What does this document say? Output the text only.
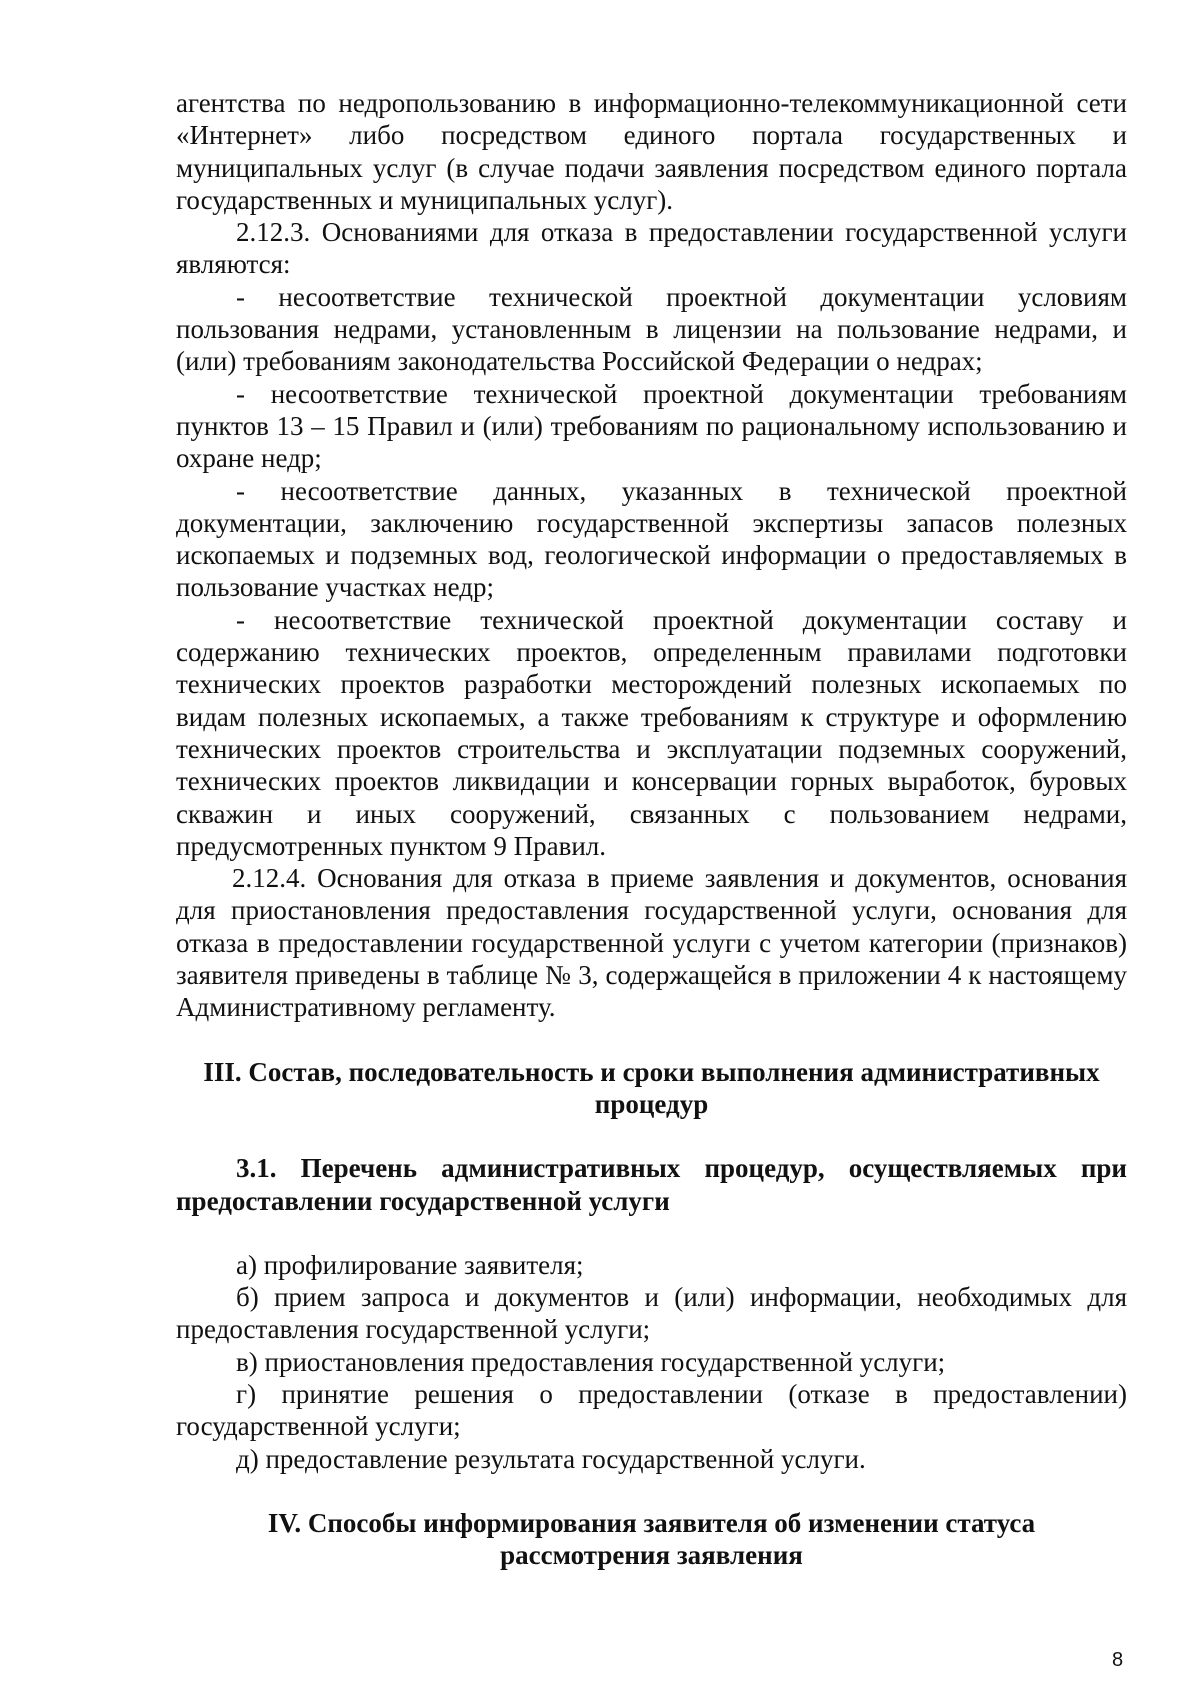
агентства по недропользованию в информационно-телекоммуникационной сети «Интернет» либо посредством единого портала государственных и муниципальных услуг (в случае подачи заявления посредством единого портала государственных и муниципальных услуг).

2.12.3. Основаниями для отказа в предоставлении государственной услуги являются:

- несоответствие технической проектной документации условиям пользования недрами, установленным в лицензии на пользование недрами, и (или) требованиям законодательства Российской Федерации о недрах;

- несоответствие технической проектной документации требованиям пунктов 13 – 15 Правил и (или) требованиям по рациональному использованию и охране недр;

- несоответствие данных, указанных в технической проектной документации, заключению государственной экспертизы запасов полезных ископаемых и подземных вод, геологической информации о предоставляемых в пользование участках недр;

- несоответствие технической проектной документации составу и содержанию технических проектов, определенным правилами подготовки технических проектов разработки месторождений полезных ископаемых по видам полезных ископаемых, а также требованиям к структуре и оформлению технических проектов строительства и эксплуатации подземных сооружений, технических проектов ликвидации и консервации горных выработок, буровых скважин и иных сооружений, связанных с пользованием недрами, предусмотренных пунктом 9 Правил.

2.12.4. Основания для отказа в приеме заявления и документов, основания для приостановления предоставления государственной услуги, основания для отказа в предоставлении государственной услуги с учетом категории (признаков) заявителя приведены в таблице № 3, содержащейся в приложении 4 к настоящему Административному регламенту.

III. Состав, последовательность и сроки выполнения административных

процедур

3.1. Перечень административных процедур, осуществляемых при предоставлении государственной услуги

а) профилирование заявителя;

б) прием запроса и документов и (или) информации, необходимых для предоставления государственной услуги;

в) приостановления предоставления государственной услуги;

г) принятие решения о предоставлении (отказе в предоставлении) государственной услуги;

д) предоставление результата государственной услуги.

IV. Способы информирования заявителя об изменении статуса

рассмотрения заявления

8
